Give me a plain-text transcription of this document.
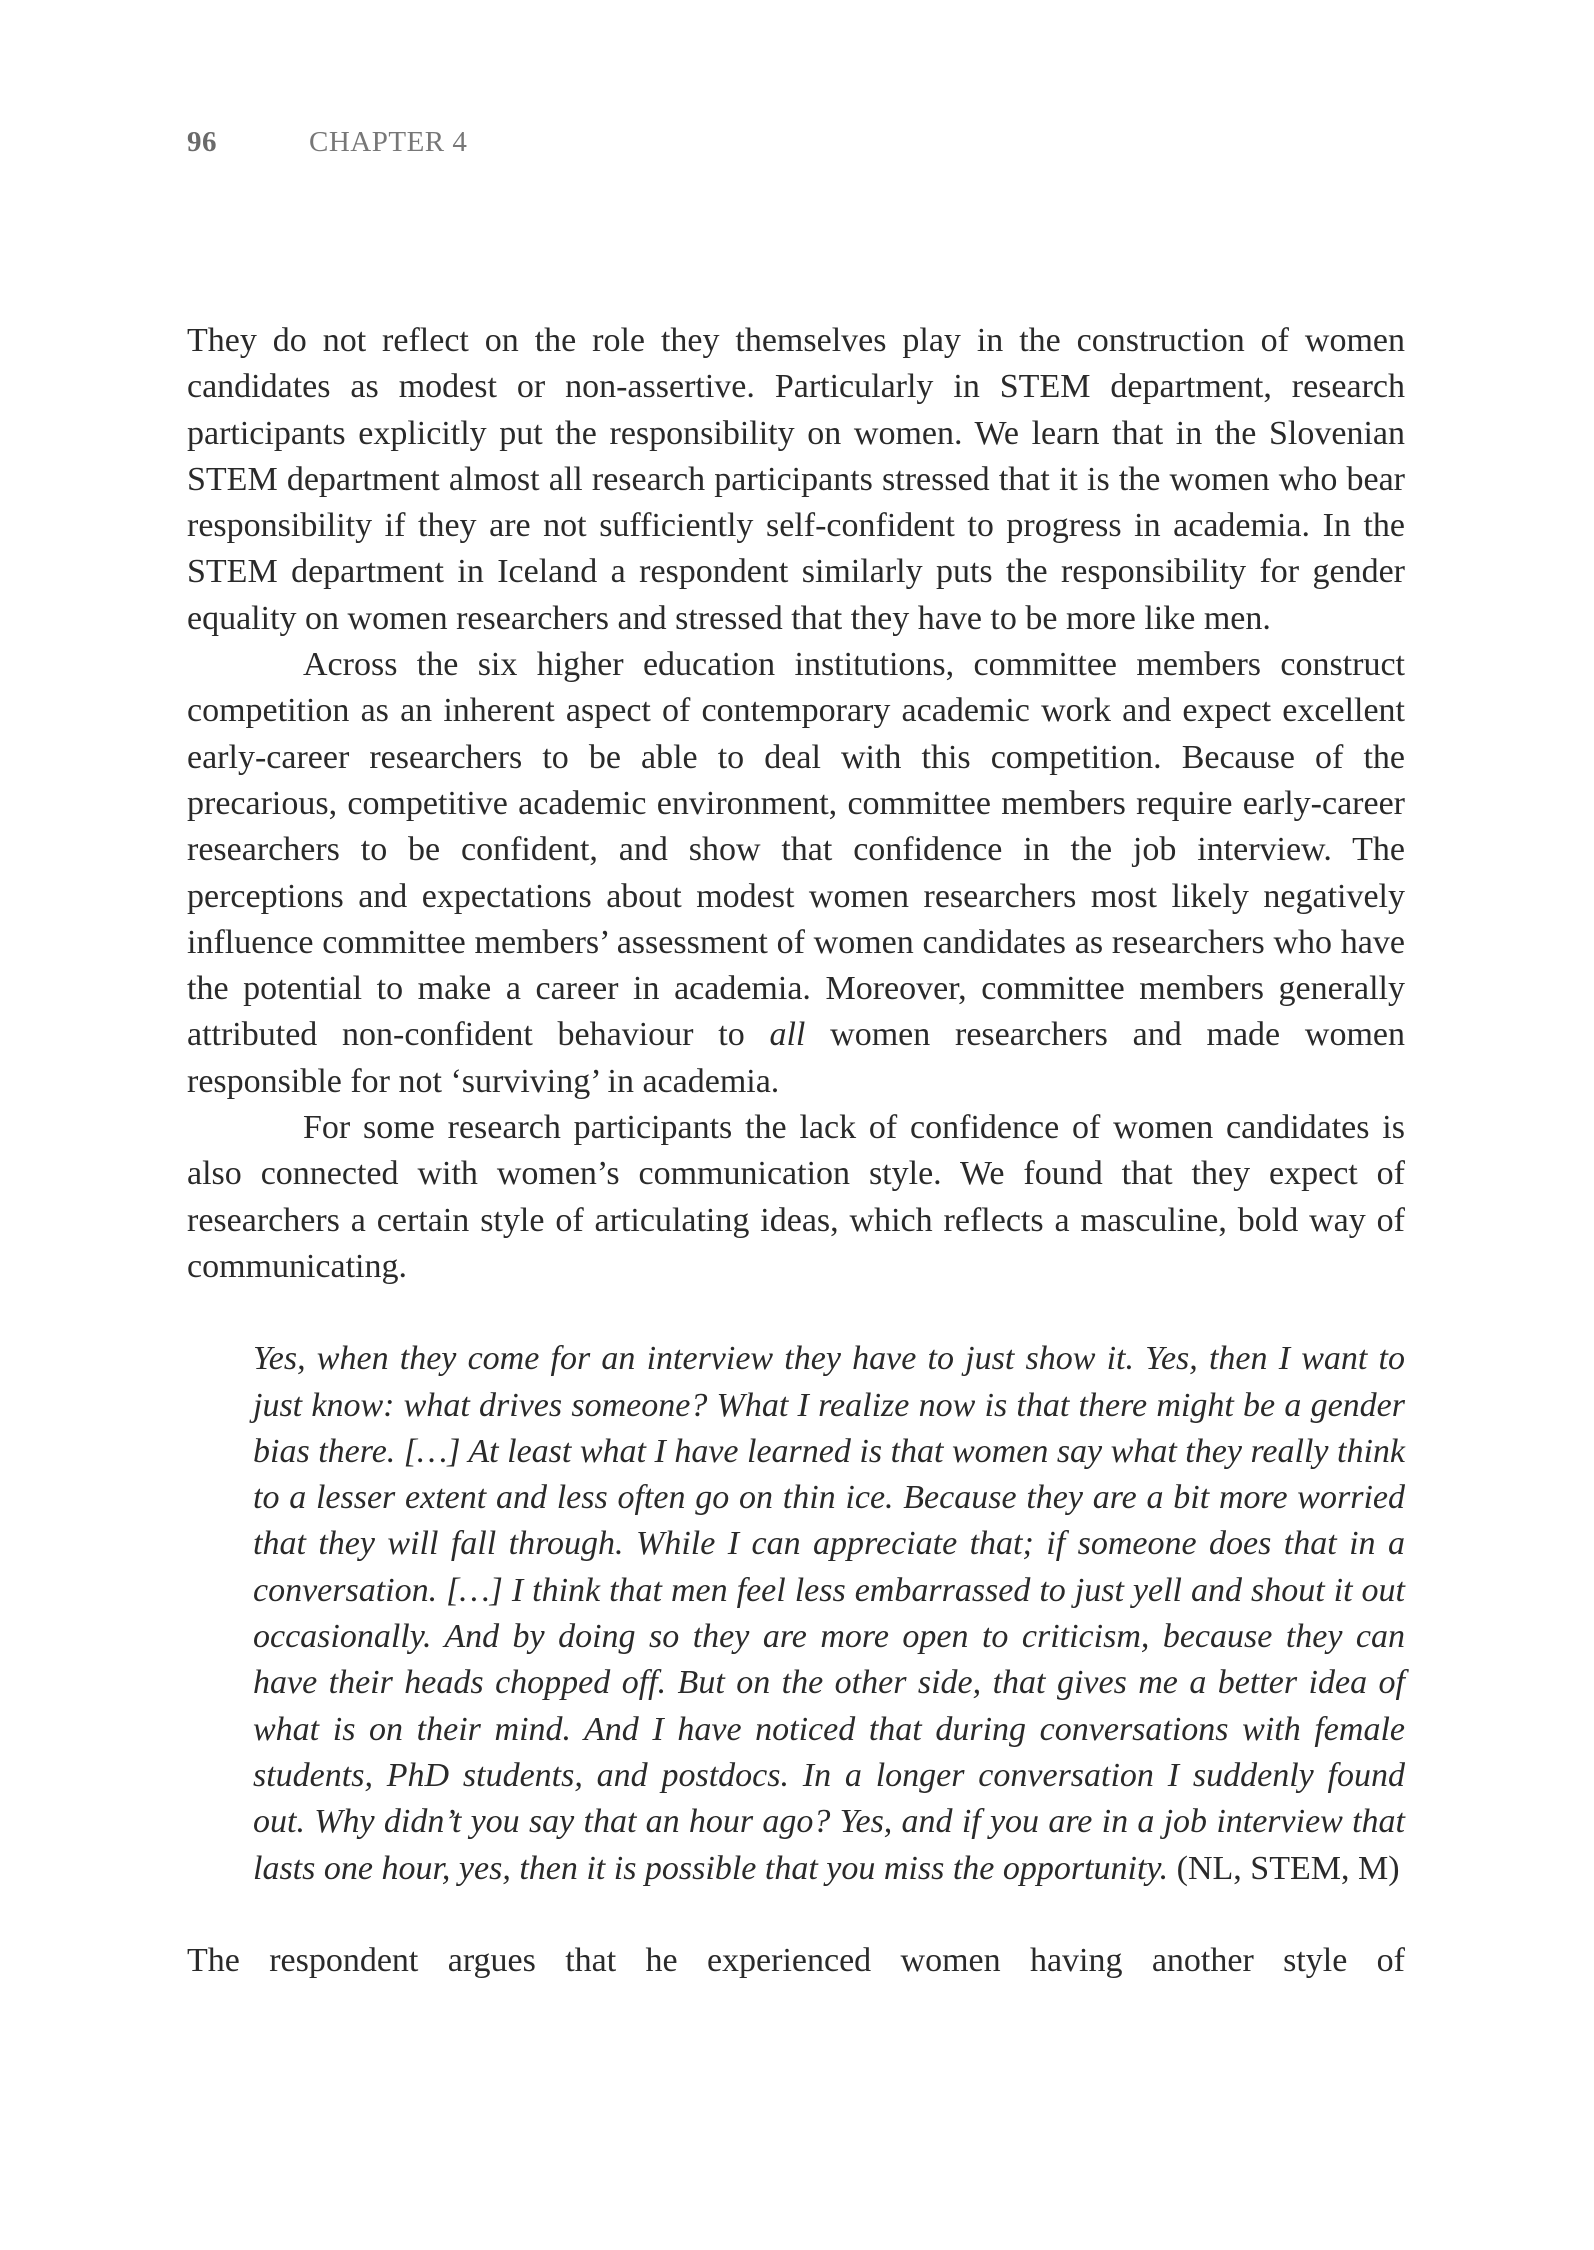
96	CHAPTER 4

They do not reflect on the role they themselves play in the construction of women candidates as modest or non-assertive. Particularly in STEM department, research participants explicitly put the responsibility on women. We learn that in the Slovenian STEM department almost all research participants stressed that it is the women who bear responsibility if they are not sufficiently self-confident to progress in academia. In the STEM department in Iceland a respondent similarly puts the responsibility for gender equality on women researchers and stressed that they have to be more like men.

Across the six higher education institutions, committee members construct competition as an inherent aspect of contemporary academic work and expect excellent early-career researchers to be able to deal with this competition. Because of the precarious, competitive academic environment, committee members require early-career researchers to be confident, and show that confidence in the job interview. The perceptions and expectations about modest women researchers most likely negatively influence committee members’ assessment of women candidates as researchers who have the potential to make a career in academia. Moreover, committee members generally attributed non-confident behaviour to all women researchers and made women responsible for not ‘surviving’ in academia.

For some research participants the lack of confidence of women candidates is also connected with women’s communication style. We found that they expect of researchers a certain style of articulating ideas, which reflects a masculine, bold way of communicating.

Yes, when they come for an interview they have to just show it. Yes, then I want to just know: what drives someone? What I realize now is that there might be a gender bias there. […] At least what I have learned is that women say what they really think to a lesser extent and less often go on thin ice. Because they are a bit more worried that they will fall through. While I can appreciate that; if someone does that in a conversation. […] I think that men feel less embarrassed to just yell and shout it out occasionally. And by doing so they are more open to criticism, because they can have their heads chopped off. But on the other side, that gives me a better idea of what is on their mind. And I have noticed that during conversations with female students, PhD students, and postdocs. In a longer conversation I suddenly found out. Why didn’t you say that an hour ago? Yes, and if you are in a job interview that lasts one hour, yes, then it is possible that you miss the opportunity. (NL, STEM, M)

The respondent argues that he experienced women having another style of
